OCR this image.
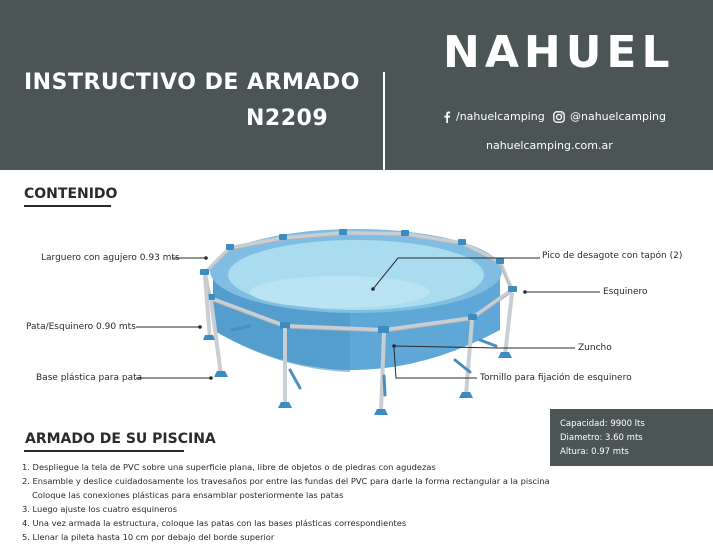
INSTRUCTIVO DE ARMADO
N2209
NAHUEL
/nahuelcamping @nahuelcamping
nahuelcamping.com.ar
CONTENIDO
Larguero con agujero 0.93 mts	Pico de desagote con tapón (2)
Esquinero
Pata/Esquinero 0.90 mts
Zuncho
Base plástica para pata	Tornillo para fijación de esquinero
Capacidad: 9900 lts
Diametro: 3.60 mts
Altura: 0.97 mts
ARMADO DE SU PISCINA
1. Despliegue la tela de PVC sobre una superficie plana, libre de objetos o de piedras con agudezas
2. Ensamble y deslice cuidadosamente los travesaños por entre las fundas del PVC para darle la forma rectangular a la piscina
Coloque las conexiones plásticas para ensamblar posteriormente las patas
3. Luego ajuste los cuatro esquineros
4. Una vez armada la estructura, coloque las patas con las bases plásticas correspondientes
5. Llenar la pileta hasta 10 cm por debajo del borde superior
